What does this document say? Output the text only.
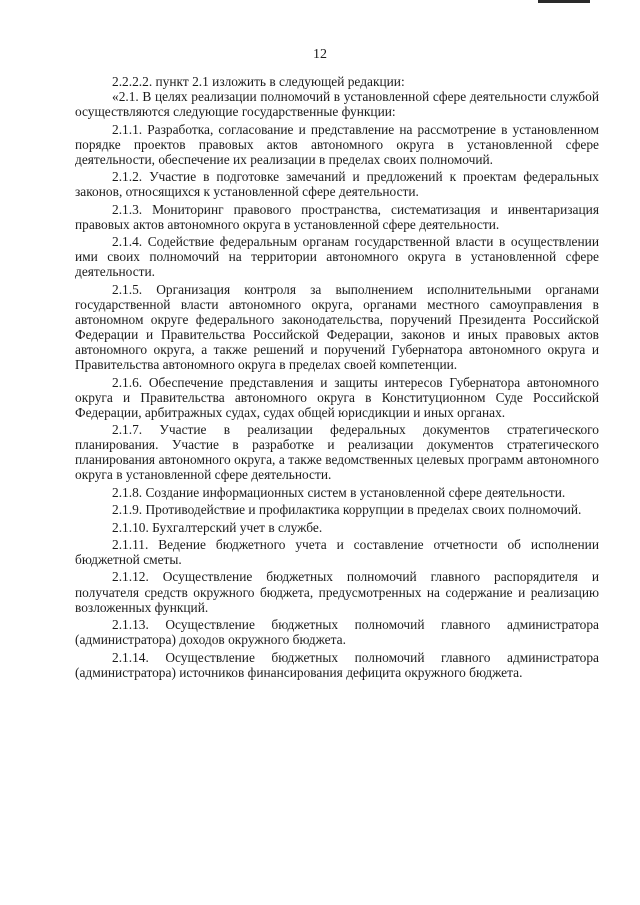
12

2.2.2.2. пункт 2.1 изложить в следующей редакции:

«2.1. В целях реализации полномочий в установленной сфере деятельности службой осуществляются следующие государственные функции:

2.1.1. Разработка, согласование и представление на рассмотрение в установленном порядке проектов правовых актов автономного округа в установленной сфере деятельности, обеспечение их реализации в пределах своих полномочий.

2.1.2. Участие в подготовке замечаний и предложений к проектам федеральных законов, относящихся к установленной сфере деятельности.

2.1.3. Мониторинг правового пространства, систематизация и инвентаризация правовых актов автономного округа в установленной сфере деятельности.

2.1.4. Содействие федеральным органам государственной власти в осуществлении ими своих полномочий на территории автономного округа в установленной сфере деятельности.

2.1.5. Организация контроля за выполнением исполнительными органами государственной власти автономного округа, органами местного самоуправления в автономном округе федерального законодательства, поручений Президента Российской Федерации и Правительства Российской Федерации, законов и иных правовых актов автономного округа, а также решений и поручений Губернатора автономного округа и Правительства автономного округа в пределах своей компетенции.

2.1.6. Обеспечение представления и защиты интересов Губернатора автономного округа и Правительства автономного округа в Конституционном Суде Российской Федерации, арбитражных судах, судах общей юрисдикции и иных органах.

2.1.7. Участие в реализации федеральных документов стратегического планирования. Участие в разработке и реализации документов стратегического планирования автономного округа, а также ведомственных целевых программ автономного округа в установленной сфере деятельности.

2.1.8. Создание информационных систем в установленной сфере деятельности.

2.1.9. Противодействие и профилактика коррупции в пределах своих полномочий.

2.1.10. Бухгалтерский учет в службе.

2.1.11. Ведение бюджетного учета и составление отчетности об исполнении бюджетной сметы.

2.1.12. Осуществление бюджетных полномочий главного распорядителя и получателя средств окружного бюджета, предусмотренных на содержание и реализацию возложенных функций.

2.1.13. Осуществление бюджетных полномочий главного администратора (администратора) доходов окружного бюджета.

2.1.14. Осуществление бюджетных полномочий главного администратора (администратора) источников финансирования дефицита окружного бюджета.
